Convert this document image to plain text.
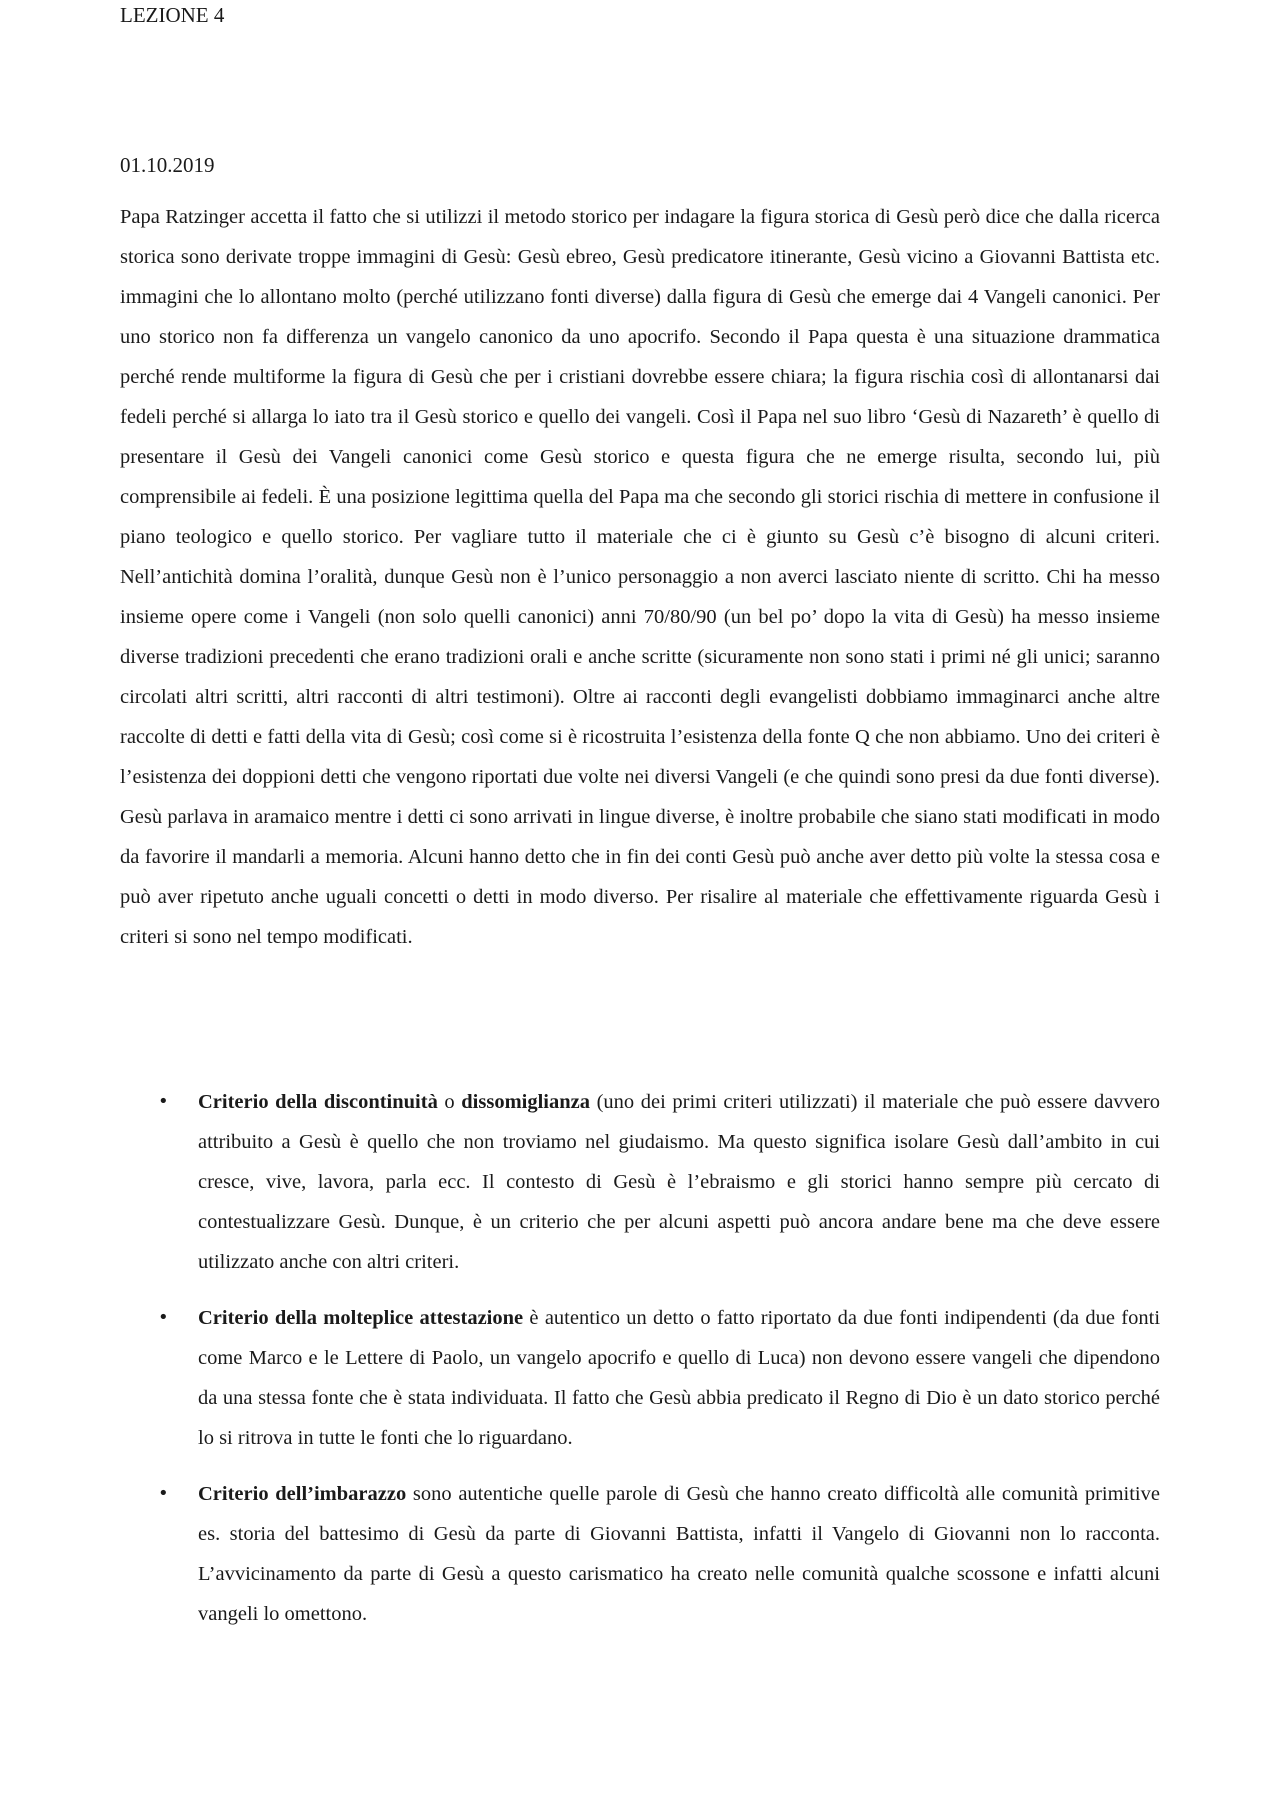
LEZIONE 4
01.10.2019

Papa Ratzinger accetta il fatto che si utilizzi il metodo storico per indagare la figura storica di Gesù però dice che dalla ricerca storica sono derivate troppe immagini di Gesù: Gesù ebreo, Gesù predicatore itinerante, Gesù vicino a Giovanni Battista etc. immagini che lo allontano molto (perché utilizzano fonti diverse) dalla figura di Gesù che emerge dai 4 Vangeli canonici. Per uno storico non fa differenza un vangelo canonico da uno apocrifo. Secondo il Papa questa è una situazione drammatica perché rende multiforme la figura di Gesù che per i cristiani dovrebbe essere chiara; la figura rischia così di allontanarsi dai fedeli perché si allarga lo iato tra il Gesù storico e quello dei vangeli. Così il Papa nel suo libro ‘Gesù di Nazareth’ è quello di presentare il Gesù dei Vangeli canonici come Gesù storico e questa figura che ne emerge risulta, secondo lui, più comprensibile ai fedeli. È una posizione legittima quella del Papa ma che secondo gli storici rischia di mettere in confusione il piano teologico e quello storico. Per vagliare tutto il materiale che ci è giunto su Gesù c’è bisogno di alcuni criteri. Nell’antichità domina l’oralità, dunque Gesù non è l’unico personaggio a non averci lasciato niente di scritto. Chi ha messo insieme opere come i Vangeli (non solo quelli canonici) anni 70/80/90 (un bel po’ dopo la vita di Gesù) ha messo insieme diverse tradizioni precedenti che erano tradizioni orali e anche scritte (sicuramente non sono stati i primi né gli unici; saranno circolati altri scritti, altri racconti di altri testimoni). Oltre ai racconti degli evangelisti dobbiamo immaginarci anche altre raccolte di detti e fatti della vita di Gesù; così come si è ricostruita l’esistenza della fonte Q che non abbiamo. Uno dei criteri è l’esistenza dei doppioni detti che vengono riportati due volte nei diversi Vangeli (e che quindi sono presi da due fonti diverse). Gesù parlava in aramaico mentre i detti ci sono arrivati in lingue diverse, è inoltre probabile che siano stati modificati in modo da favorire il mandarli a memoria. Alcuni hanno detto che in fin dei conti Gesù può anche aver detto più volte la stessa cosa e può aver ripetuto anche uguali concetti o detti in modo diverso. Per risalire al materiale che effettivamente riguarda Gesù i criteri si sono nel tempo modificati.

• Criterio della discontinuità o dissomiglianza (uno dei primi criteri utilizzati) il materiale che può essere davvero attribuito a Gesù è quello che non troviamo nel giudaismo. Ma questo significa isolare Gesù dall’ambito in cui cresce, vive, lavora, parla ecc. Il contesto di Gesù è l’ebraismo e gli storici hanno sempre più cercato di contestualizzare Gesù. Dunque, è un criterio che per alcuni aspetti può ancora andare bene ma che deve essere utilizzato anche con altri criteri.
• Criterio della molteplice attestazione è autentico un detto o fatto riportato da due fonti indipendenti (da due fonti come Marco e le Lettere di Paolo, un vangelo apocrifo e quello di Luca) non devono essere vangeli che dipendono da una stessa fonte che è stata individuata. Il fatto che Gesù abbia predicato il Regno di Dio è un dato storico perché lo si ritrova in tutte le fonti che lo riguardano.
• Criterio dell’imbarazzo sono autentiche quelle parole di Gesù che hanno creato difficoltà alle comunità primitive es. storia del battesimo di Gesù da parte di Giovanni Battista, infatti il Vangelo di Giovanni non lo racconta. L’avvicinamento da parte di Gesù a questo carismatico ha creato nelle comunità qualche scossone e infatti alcuni vangeli lo omettono.
